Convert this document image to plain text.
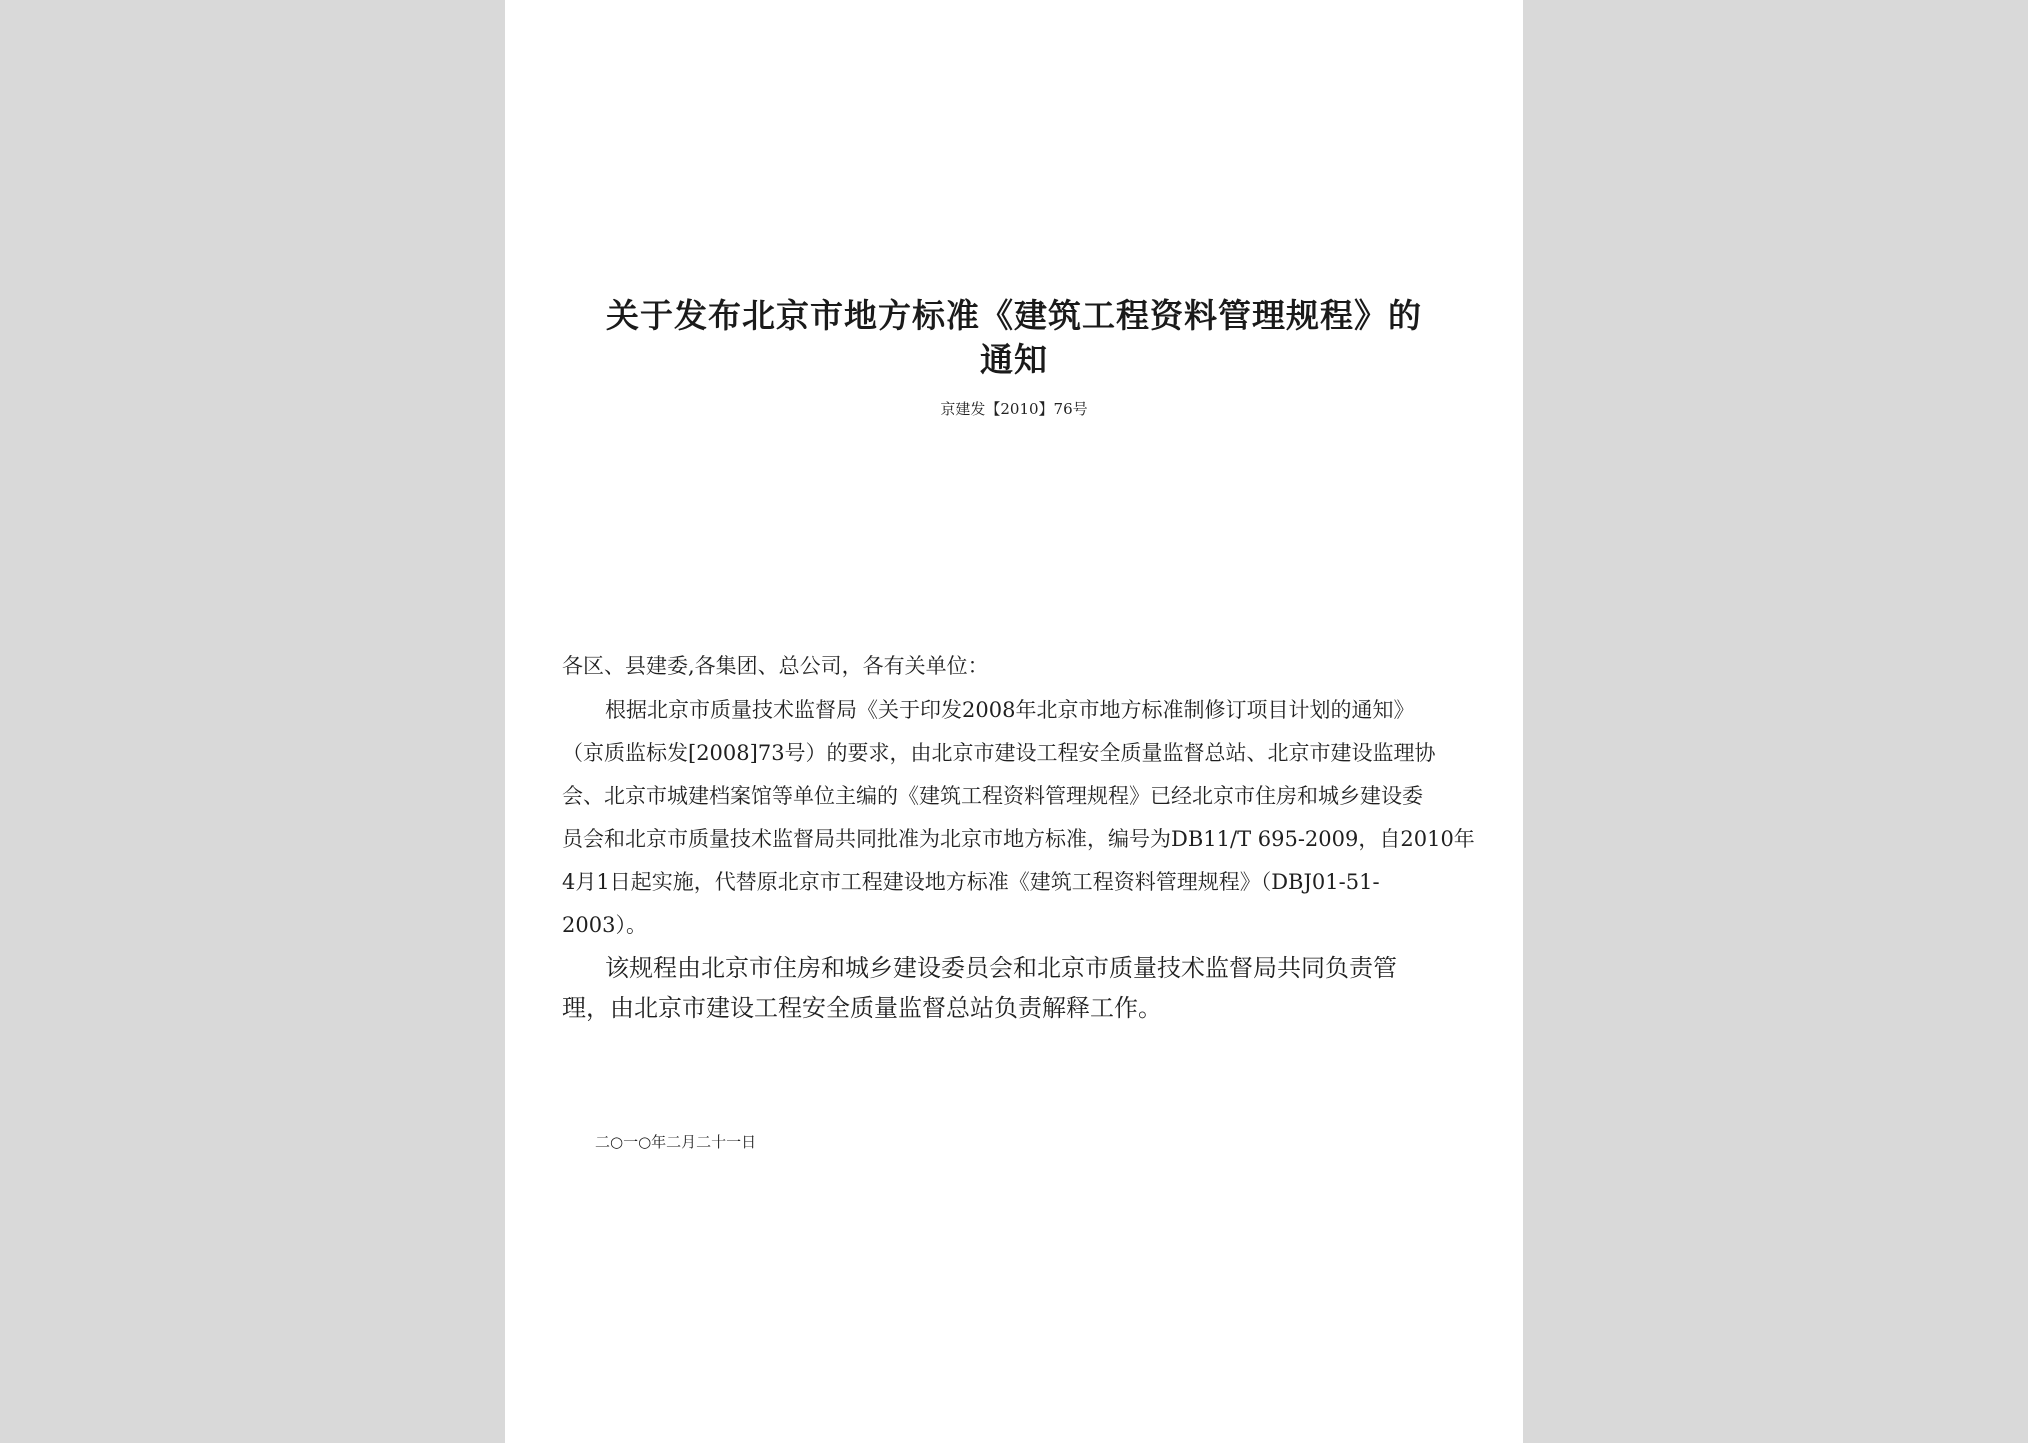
关于发布北京市地方标准《建筑工程资料管理规程》的
通知
京建发【2010】76号
各区、县建委,各集团、总公司，各有关单位：
根据北京市质量技术监督局《关于印发2008年北京市地方标准制修订项目计划的通知》
（京质监标发[2008]73号）的要求，由北京市建设工程安全质量监督总站、北京市建设监理协
会、北京市城建档案馆等单位主编的《建筑工程资料管理规程》已经北京市住房和城乡建设委
员会和北京市质量技术监督局共同批准为北京市地方标准，编号为DB11/T 695-2009，自2010年
4月1日起实施，代替原北京市工程建设地方标准《建筑工程资料管理规程》（DBJ01-51-
2003）。
该规程由北京市住房和城乡建设委员会和北京市质量技术监督局共同负责管
理，由北京市建设工程安全质量监督总站负责解释工作。
二○一○年二月二十一日
